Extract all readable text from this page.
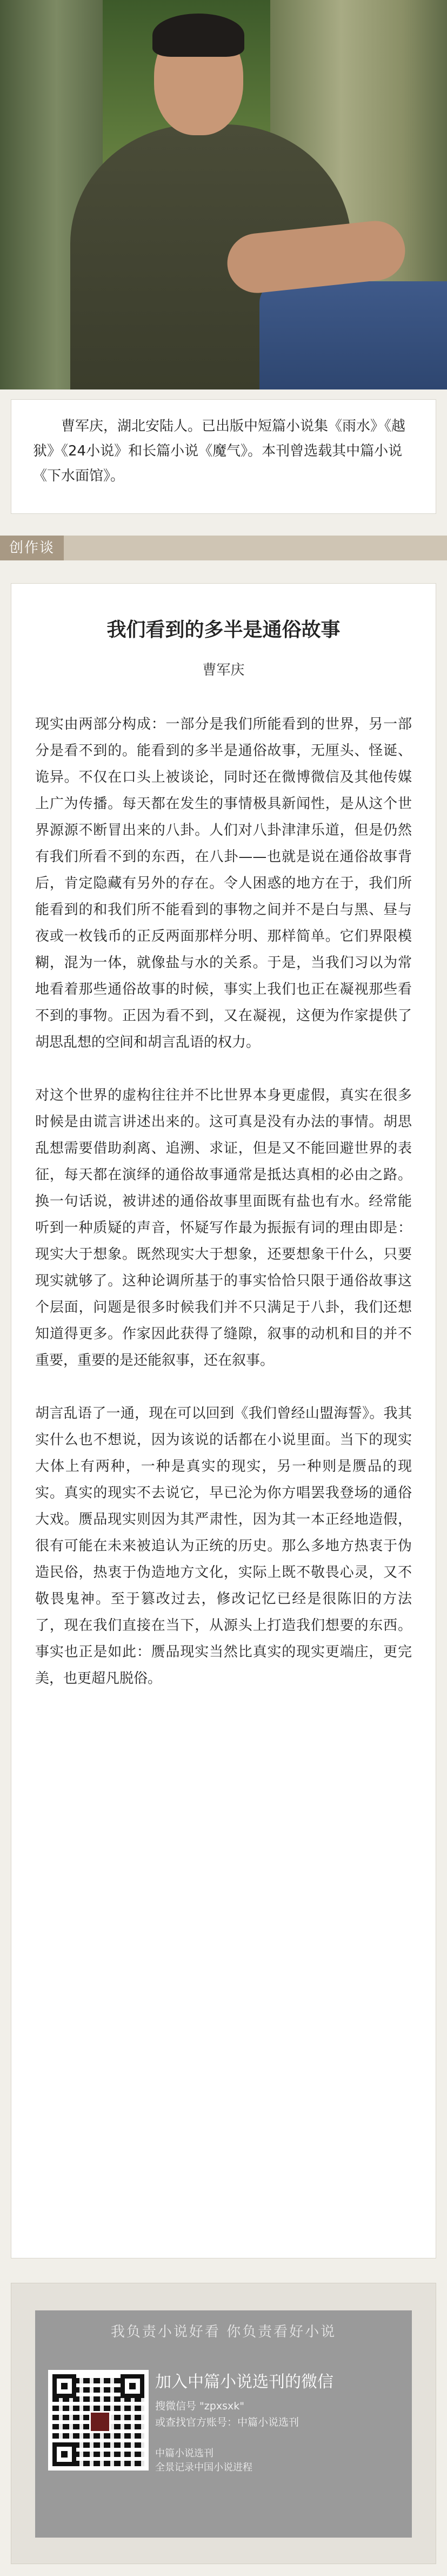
曹军庆，湖北安陆人。已出版中短篇小说集《雨水》《越狱》《24小说》和长篇小说《魔气》。本刊曾选载其中篇小说《下水面馆》。
创作谈
我们看到的多半是通俗故事
曹军庆
现实由两部分构成：一部分是我们所能看到的世界，另一部分是看不到的。能看到的多半是通俗故事，无厘头、怪诞、诡异。不仅在口头上被谈论，同时还在微博微信及其他传媒上广为传播。每天都在发生的事情极具新闻性，是从这个世界源源不断冒出来的八卦。人们对八卦津津乐道，但是仍然有我们所看不到的东西，在八卦——也就是说在通俗故事背后，肯定隐藏有另外的存在。令人困惑的地方在于，我们所能看到的和我们所不能看到的事物之间并不是白与黑、昼与夜或一枚钱币的正反两面那样分明、那样简单。它们界限模糊，混为一体，就像盐与水的关系。于是，当我们习以为常地看着那些通俗故事的时候，事实上我们也正在凝视那些看不到的事物。正因为看不到，又在凝视，这便为作家提供了胡思乱想的空间和胡言乱语的权力。
对这个世界的虚构往往并不比世界本身更虚假，真实在很多时候是由谎言讲述出来的。这可真是没有办法的事情。胡思乱想需要借助刹离、追溯、求证，但是又不能回避世界的表征，每天都在演绎的通俗故事通常是抵达真相的必由之路。换一句话说，被讲述的通俗故事里面既有盐也有水。经常能听到一种质疑的声音，怀疑写作最为振振有词的理由即是：现实大于想象。既然现实大于想象，还要想象干什么，只要现实就够了。这种论调所基于的事实恰恰只限于通俗故事这个层面，问题是很多时候我们并不只满足于八卦，我们还想知道得更多。作家因此获得了缝隙，叙事的动机和目的并不重要，重要的是还能叙事，还在叙事。
胡言乱语了一通，现在可以回到《我们曾经山盟海誓》。我其实什么也不想说，因为该说的话都在小说里面。当下的现实大体上有两种，一种是真实的现实，另一种则是赝品的现实。真实的现实不去说它，早已沦为你方唱罢我登场的通俗大戏。赝品现实则因为其严肃性，因为其一本正经地造假，很有可能在未来被追认为正统的历史。那么多地方热衷于伪造民俗，热衷于伪造地方文化，实际上既不敬畏心灵，又不敬畏鬼神。至于篡改过去，修改记忆已经是很陈旧的方法了，现在我们直接在当下，从源头上打造我们想要的东西。事实也正是如此：赝品现实当然比真实的现实更端庄，更完美，也更超凡脱俗。
我负责小说好看 你负责看好小说
加入中篇小说选刊的微信
搜微信号 "zpxsxk"
或查找官方账号：中篇小说选刊
中篇小说选刊
全景记录中国小说进程
